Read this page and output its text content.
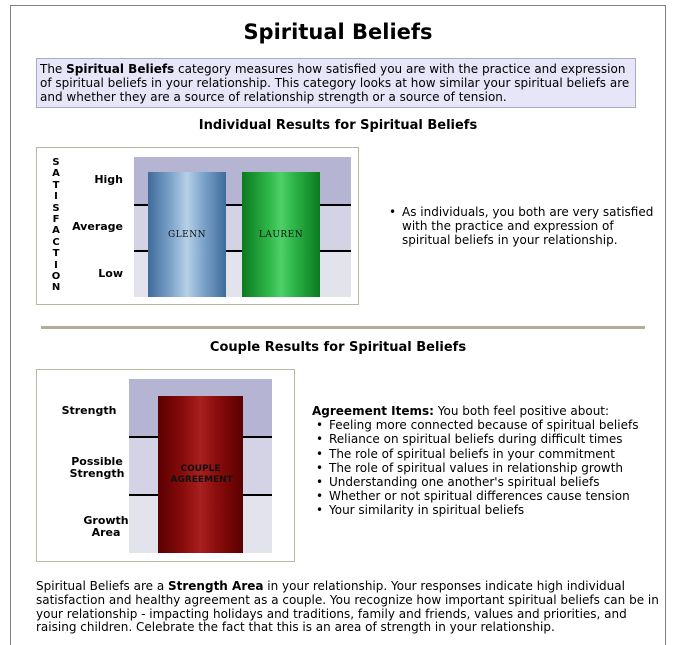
Spiritual Beliefs
The Spiritual Beliefs category measures how satisfied you are with the practice and expression of spiritual beliefs in your relationship. This category looks at how similar your spiritual beliefs are and whether they are a source of relationship strength or a source of tension.
Individual Results for Spiritual Beliefs
S
A
T
I
S
F
A
C
T
I
O
N
High
Average
Low
GLENN	LAUREN
• As individuals, you both are very satisfied with the practice and expression of spiritual beliefs in your relationship.
Couple Results for Spiritual Beliefs
Strength
Possible Strength
Growth Area
COUPLE AGREEMENT
Agreement Items: You both feel positive about:
• Feeling more connected because of spiritual beliefs
• Reliance on spiritual beliefs during difficult times
• The role of spiritual beliefs in your commitment
• The role of spiritual values in relationship growth
• Understanding one another's spiritual beliefs
• Whether or not spiritual differences cause tension
• Your similarity in spiritual beliefs
Spiritual Beliefs are a Strength Area in your relationship. Your responses indicate high individual satisfaction and healthy agreement as a couple. You recognize how important spiritual beliefs can be in your relationship - impacting holidays and traditions, family and friends, values and priorities, and raising children. Celebrate the fact that this is an area of strength in your relationship.
